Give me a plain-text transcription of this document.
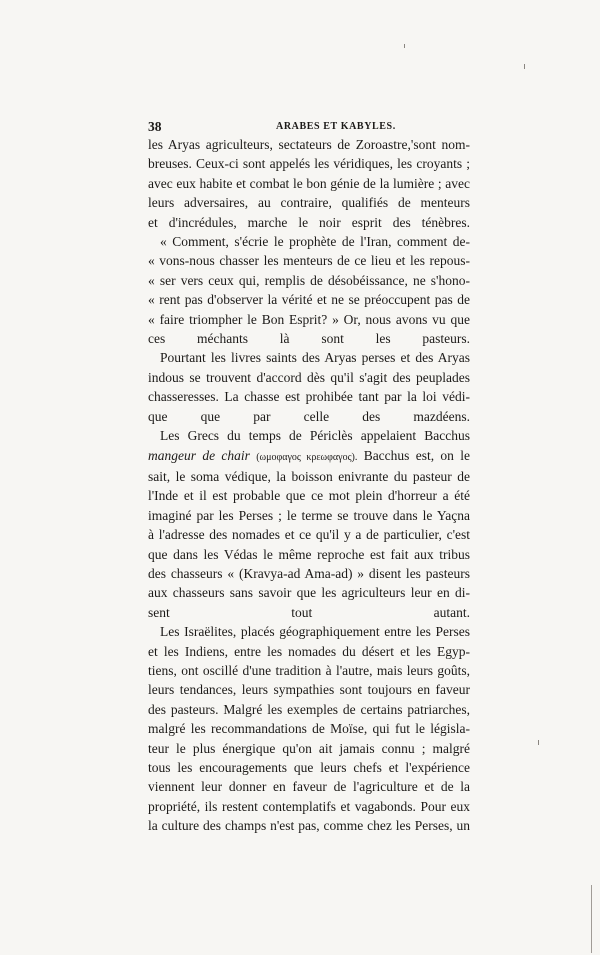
38	ARABES ET KABYLES.
les Aryas agriculteurs, sectateurs de Zoroastre,'sont nom-
breuses. Ceux-ci sont appelés les véridiques, les croyants ;
avec eux habite et combat le bon génie de la lumière ; avec
leurs adversaires, au contraire, qualifiés de menteurs
et d'incrédules, marche le noir esprit des ténèbres.
« Comment, s'écrie le prophète de l'Iran, comment de-
« vons-nous chasser les menteurs de ce lieu et les repous-
« ser vers ceux qui, remplis de désobéissance, ne s'hono-
« rent pas d'observer la vérité et ne se préoccupent pas de
« faire triompher le Bon Esprit? » Or, nous avons vu que
ces méchants là sont les pasteurs.
Pourtant les livres saints des Aryas perses et des Aryas
indous se trouvent d'accord dès qu'il s'agit des peuplades
chasseresses. La chasse est prohibée tant par la loi védi-
que que par celle des mazdéens.
Les Grecs du temps de Périclès appelaient Bacchus
mangeur de chair (ωμοφαγος κρεωφαγος). Bacchus est, on le
sait, le soma védique, la boisson enivrante du pasteur de
l'Inde et il est probable que ce mot plein d'horreur a été
imaginé par les Perses ; le terme se trouve dans le Yaçna
à l'adresse des nomades et ce qu'il y a de particulier, c'est
que dans les Védas le même reproche est fait aux tribus
des chasseurs « (Kravya-ad Ama-ad) » disent les pasteurs
aux chasseurs sans savoir que les agriculteurs leur en di-
sent tout autant.
Les Israëlites, placés géographiquement entre les Perses
et les Indiens, entre les nomades du désert et les Egyp-
tiens, ont oscillé d'une tradition à l'autre, mais leurs goûts,
leurs tendances, leurs sympathies sont toujours en faveur
des pasteurs. Malgré les exemples de certains patriarches,
malgré les recommandations de Moïse, qui fut le législa-
teur le plus énergique qu'on ait jamais connu ; malgré
tous les encouragements que leurs chefs et l'expérience
viennent leur donner en faveur de l'agriculture et de la
propriété, ils restent contemplatifs et vagabonds. Pour eux
la culture des champs n'est pas, comme chez les Perses, un
